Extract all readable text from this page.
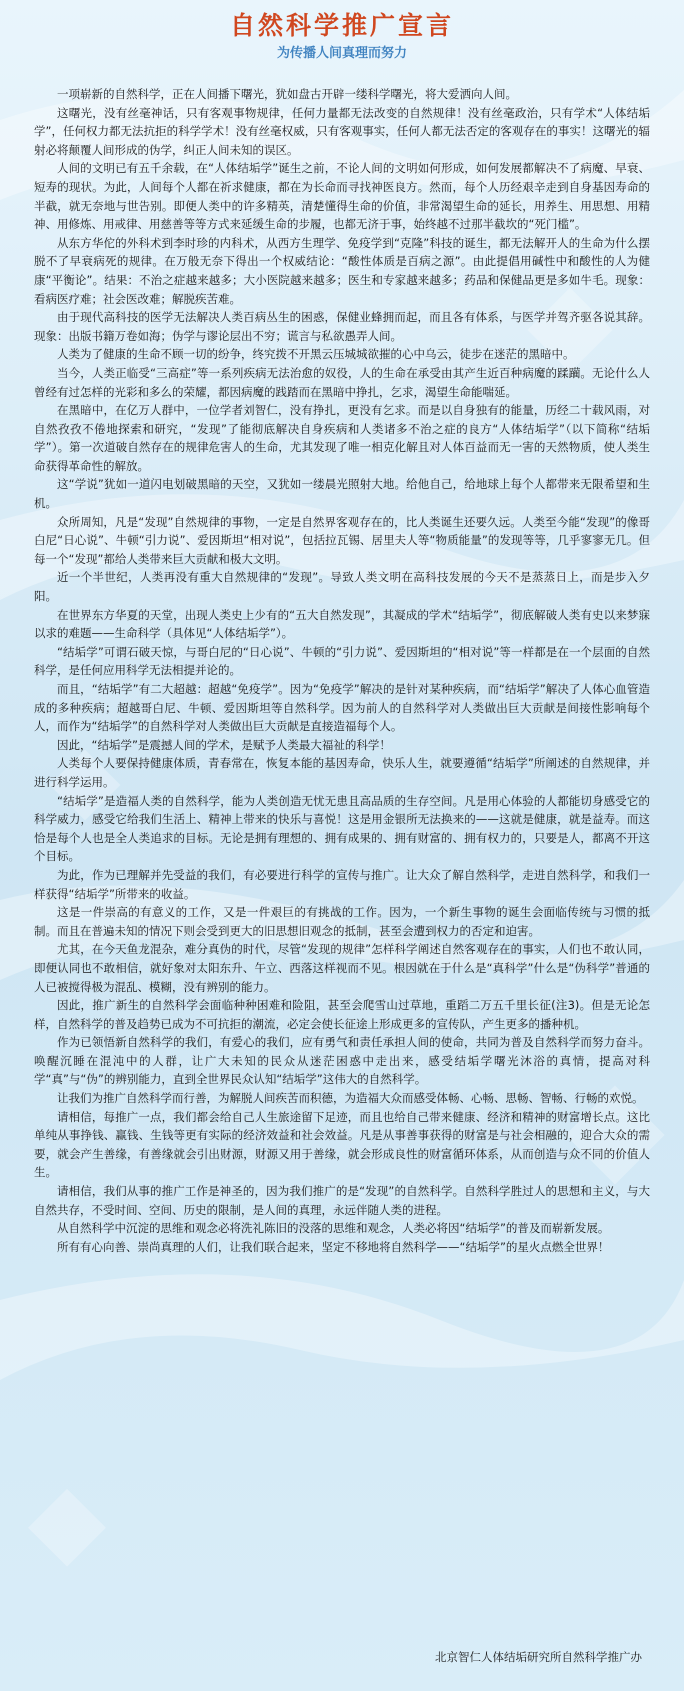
自然科学推广宣言
为传播人间真理而努力

一项崭新的自然科学，正在人间播下曙光，犹如盘古开辟一缕科学曙光，将大爱洒向人间。

这曙光，没有丝毫神话，只有客观事物规律，任何力量都无法改变的自然规律！没有丝毫政治，只有学术“人体结垢学”，任何权力都无法抗拒的科学学术！没有丝毫权威，只有客观事实，任何人都无法否定的客观存在的事实！这曙光的辐射必将颠覆人间形成的伪学，纠正人间未知的误区。

人间的文明已有五千余载，在“人体结垢学”诞生之前，不论人间的文明如何形成，如何发展都解决不了病魔、早衰、短寿的现状。为此，人间每个人都在祈求健康，都在为长命而寻找神医良方。然而，每个人历经艰辛走到自身基因寿命的半截，就无奈地与世告别。即便人类中的许多精英，清楚懂得生命的价值，非常渴望生命的延长，用养生、用思想、用精神、用修炼、用戒律、用慈善等等方式来延缓生命的步履，也都无济于事，始终越不过那半截坎的“死门槛”。

从东方华佗的外科术到李时珍的内科术，从西方生理学、免疫学到“克隆”科技的诞生，都无法解开人的生命为什么摆脱不了早衰病死的规律。在万般无奈下得出一个权威结论：“酸性体质是百病之源”。由此提倡用碱性中和酸性的人为健康“平衡论”。结果：不治之症越来越多；大小医院越来越多；医生和专家越来越多；药品和保健品更是多如牛毛。现象：看病医疗难；社会医改难；解脱疾苦难。

由于现代高科技的医学无法解决人类百病丛生的困惑，保健业蜂拥而起，而且各有体系，与医学并驾齐驱各说其辞。现象：出版书籍万卷如海；伪学与谬论层出不穷；谎言与私欲愚弄人间。

人类为了健康的生命不顾一切的纷争，终究拨不开黑云压城城欲摧的心中乌云，徒步在迷茫的黑暗中。

当今，人类正临受“三高症”等一系列疾病无法治愈的奴役，人的生命在承受由其产生近百种病魔的蹂躏。无论什么人曾经有过怎样的光彩和多么的荣耀，都因病魔的践踏而在黑暗中挣扎，乞求，渴望生命能喘延。

在黑暗中，在亿万人群中，一位学者刘智仁，没有挣扎，更没有乞求。而是以自身独有的能量，历经二十载风雨，对自然孜孜不倦地探索和研究，“发现”了能彻底解决自身疾病和人类诸多不治之症的良方“人体结垢学”（以下简称“结垢学”）。第一次道破自然存在的规律危害人的生命，尤其发现了唯一相克化解且对人体百益而无一害的天然物质，使人类生命获得革命性的解放。

这“学说”犹如一道闪电划破黑暗的天空，又犹如一缕晨光照射大地。给他自己，给地球上每个人都带来无限希望和生机。

众所周知，凡是“发现”自然规律的事物，一定是自然界客观存在的，比人类诞生还要久远。人类至今能“发现”的像哥白尼“日心说”、牛顿“引力说”、爱因斯坦“相对说”，包括拉瓦锡、居里夫人等“物质能量”的发现等等，几乎寥寥无几。但每一个“发现”都给人类带来巨大贡献和极大文明。

近一个半世纪，人类再没有重大自然规律的“发现”。导致人类文明在高科技发展的今天不是蒸蒸日上，而是步入夕阳。

在世界东方华夏的天堂，出现人类史上少有的“五大自然发现”，其凝成的学术“结垢学”，彻底解破人类有史以来梦寐以求的难题——生命科学（具体见“人体结垢学”）。

“结垢学”可谓石破天惊，与哥白尼的“日心说”、牛顿的“引力说”、爱因斯坦的“相对说”等一样都是在一个层面的自然科学，是任何应用科学无法相提并论的。

而且，“结垢学”有二大超越：超越“免疫学”。因为“免疫学”解决的是针对某种疾病，而“结垢学”解决了人体心血管造成的多种疾病；超越哥白尼、牛顿、爱因斯坦等自然科学。因为前人的自然科学对人类做出巨大贡献是间接性影响每个人，而作为“结垢学”的自然科学对人类做出巨大贡献是直接造福每个人。

因此，“结垢学”是震撼人间的学术，是赋予人类最大福祉的科学！

人类每个人要保持健康体质，青春常在，恢复本能的基因寿命，快乐人生，就要遵循“结垢学”所阐述的自然规律，并进行科学运用。

“结垢学”是造福人类的自然科学，能为人类创造无忧无患且高品质的生存空间。凡是用心体验的人都能切身感受它的科学威力，感受它给我们生活上、精神上带来的快乐与喜悦！这是用金银所无法换来的——这就是健康，就是益寿。而这恰是每个人也是全人类追求的目标。无论是拥有理想的、拥有成果的、拥有财富的、拥有权力的，只要是人，都离不开这个目标。

为此，作为已理解并先受益的我们，有必要进行科学的宣传与推广。让大众了解自然科学，走进自然科学，和我们一样获得“结垢学”所带来的收益。

这是一件崇高的有意义的工作，又是一件艰巨的有挑战的工作。因为，一个新生事物的诞生会面临传统与习惯的抵制。而且在普遍未知的情况下则会受到更大的旧思想旧观念的抵制，甚至会遭到权力的否定和迫害。

尤其，在今天鱼龙混杂，难分真伪的时代，尽管“发现的规律”怎样科学阐述自然客观存在的事实，人们也不敢认同，即便认同也不敢相信，就好象对太阳东升、午立、西落这样视而不见。根因就在于什么是“真科学”什么是“伪科学”普通的人已被搅得极为混乱、模糊，没有辨别的能力。

因此，推广新生的自然科学会面临种种困难和险阻，甚至会爬雪山过草地，重蹈二万五千里长征(注3)。但是无论怎样，自然科学的普及趋势已成为不可抗拒的潮流，必定会使长征途上形成更多的宣传队，产生更多的播种机。

作为已领悟新自然科学的我们，有爱心的我们，应有勇气和责任承担人间的使命，共同为普及自然科学而努力奋斗。唤醒沉睡在混沌中的人群，让广大未知的民众从迷茫困惑中走出来，感受结垢学曙光沐浴的真情，提高对科学“真”与“伪”的辨别能力，直到全世界民众认知“结垢学”这伟大的自然科学。

让我们为推广自然科学而行善，为解脱人间疾苦而积德，为造福大众而感受体畅、心畅、思畅、智畅、行畅的欢悦。

请相信，每推广一点，我们都会给自己人生旅途留下足迹，而且也给自己带来健康、经济和精神的财富增长点。这比单纯从事挣钱、赢钱、生钱等更有实际的经济效益和社会效益。凡是从事善事获得的财富是与社会相融的，迎合大众的需要，就会产生善缘，有善缘就会引出财源，财源又用于善缘，就会形成良性的财富循环体系，从而创造与众不同的价值人生。

请相信，我们从事的推广工作是神圣的，因为我们推广的是“发现”的自然科学。自然科学胜过人的思想和主义，与大自然共存，不受时间、空间、历史的限制，是人间的真理，永远伴随人类的进程。

从自然科学中沉淀的思维和观念必将洗礼陈旧的没落的思维和观念，人类必将因“结垢学”的普及而崭新发展。

所有有心向善、崇尚真理的人们，让我们联合起来，坚定不移地将自然科学——“结垢学”的星火点燃全世界！

北京智仁人体结垢研究所自然科学推广办
